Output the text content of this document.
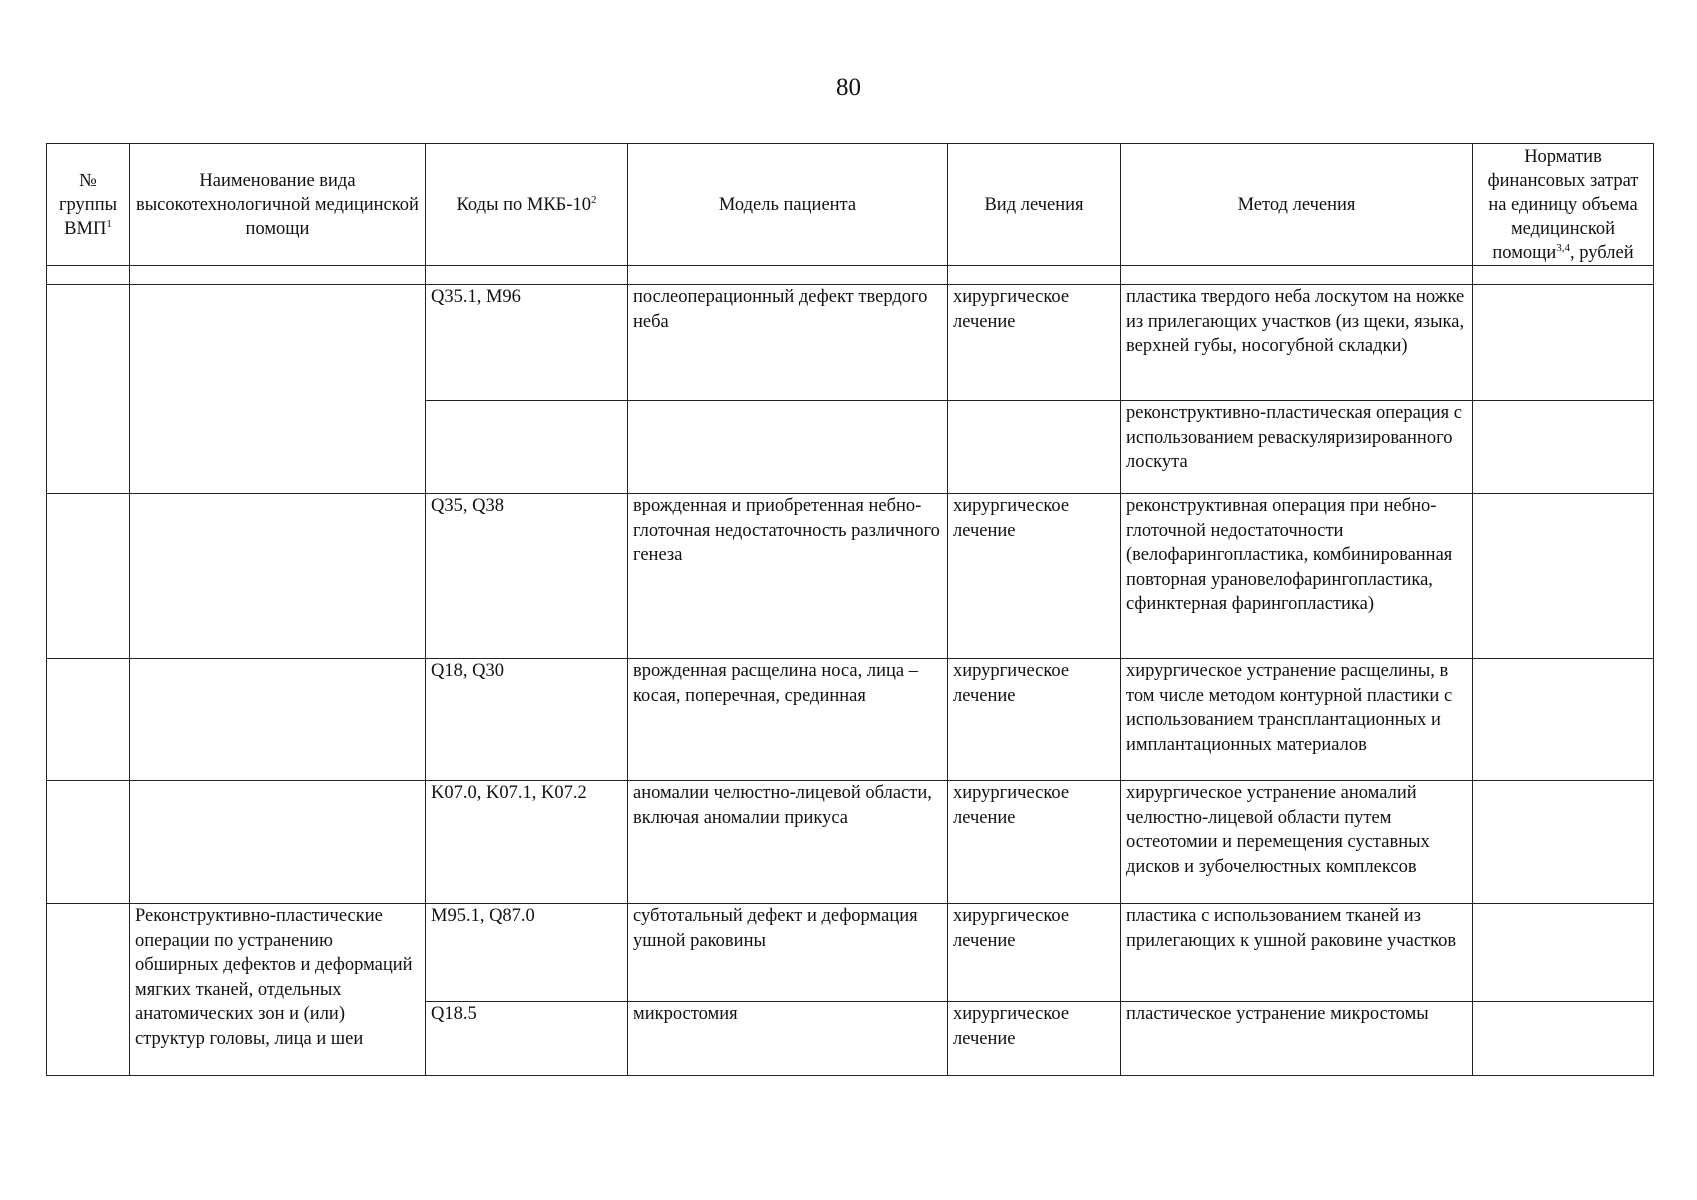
80
№ группы ВМП$^1$	Наименование вида высокотехнологичной медицинской помощи	Коды по МКБ-$10^2$	Модель пациента	Вид лечения	Метод лечения	Норматив финансовых затрат на единицу объема медицинской помощи$^{3,4}$, рублей

		Q35.1, M96	послеоперационный дефект твердого неба	хирургическое лечение	пластика твердого неба лоскутом на ножке из прилегающих участков (из щеки, языка, верхней губы, носогубной складки)	
					реконструктивно-пластическая операция с использованием реваскуляризированного лоскута	
		Q35, Q38	врожденная и приобретенная небно-глоточная недостаточность различного генеза	хирургическое лечение	реконструктивная операция при небно-глоточной недостаточности (велофарингопластика, комбинированная повторная урановелофарингопластика, сфинктерная фарингопластика)	
		Q18, Q30	врожденная расщелина носа, лица – косая, поперечная, срединная	хирургическое лечение	хирургическое устранение расщелины, в том числе методом контурной пластики с использованием трансплантационных и имплантационных материалов	
		K07.0, K07.1, K07.2	аномалии челюстно-лицевой области, включая аномалии прикуса	хирургическое лечение	хирургическое устранение аномалий челюстно-лицевой области путем остеотомии и перемещения суставных дисков и зубочелюстных комплексов	
	Реконструктивно-пластические операции по устранению обширных дефектов и деформаций мягких тканей, отдельных анатомических зон и (или) структур головы, лица и шеи	M95.1, Q87.0	субтотальный дефект и деформация ушной раковины	хирургическое лечение	пластика с использованием тканей из прилегающих к ушной раковине участков	
		Q18.5	микростомия	хирургическое лечение	пластическое устранение микростомы	
